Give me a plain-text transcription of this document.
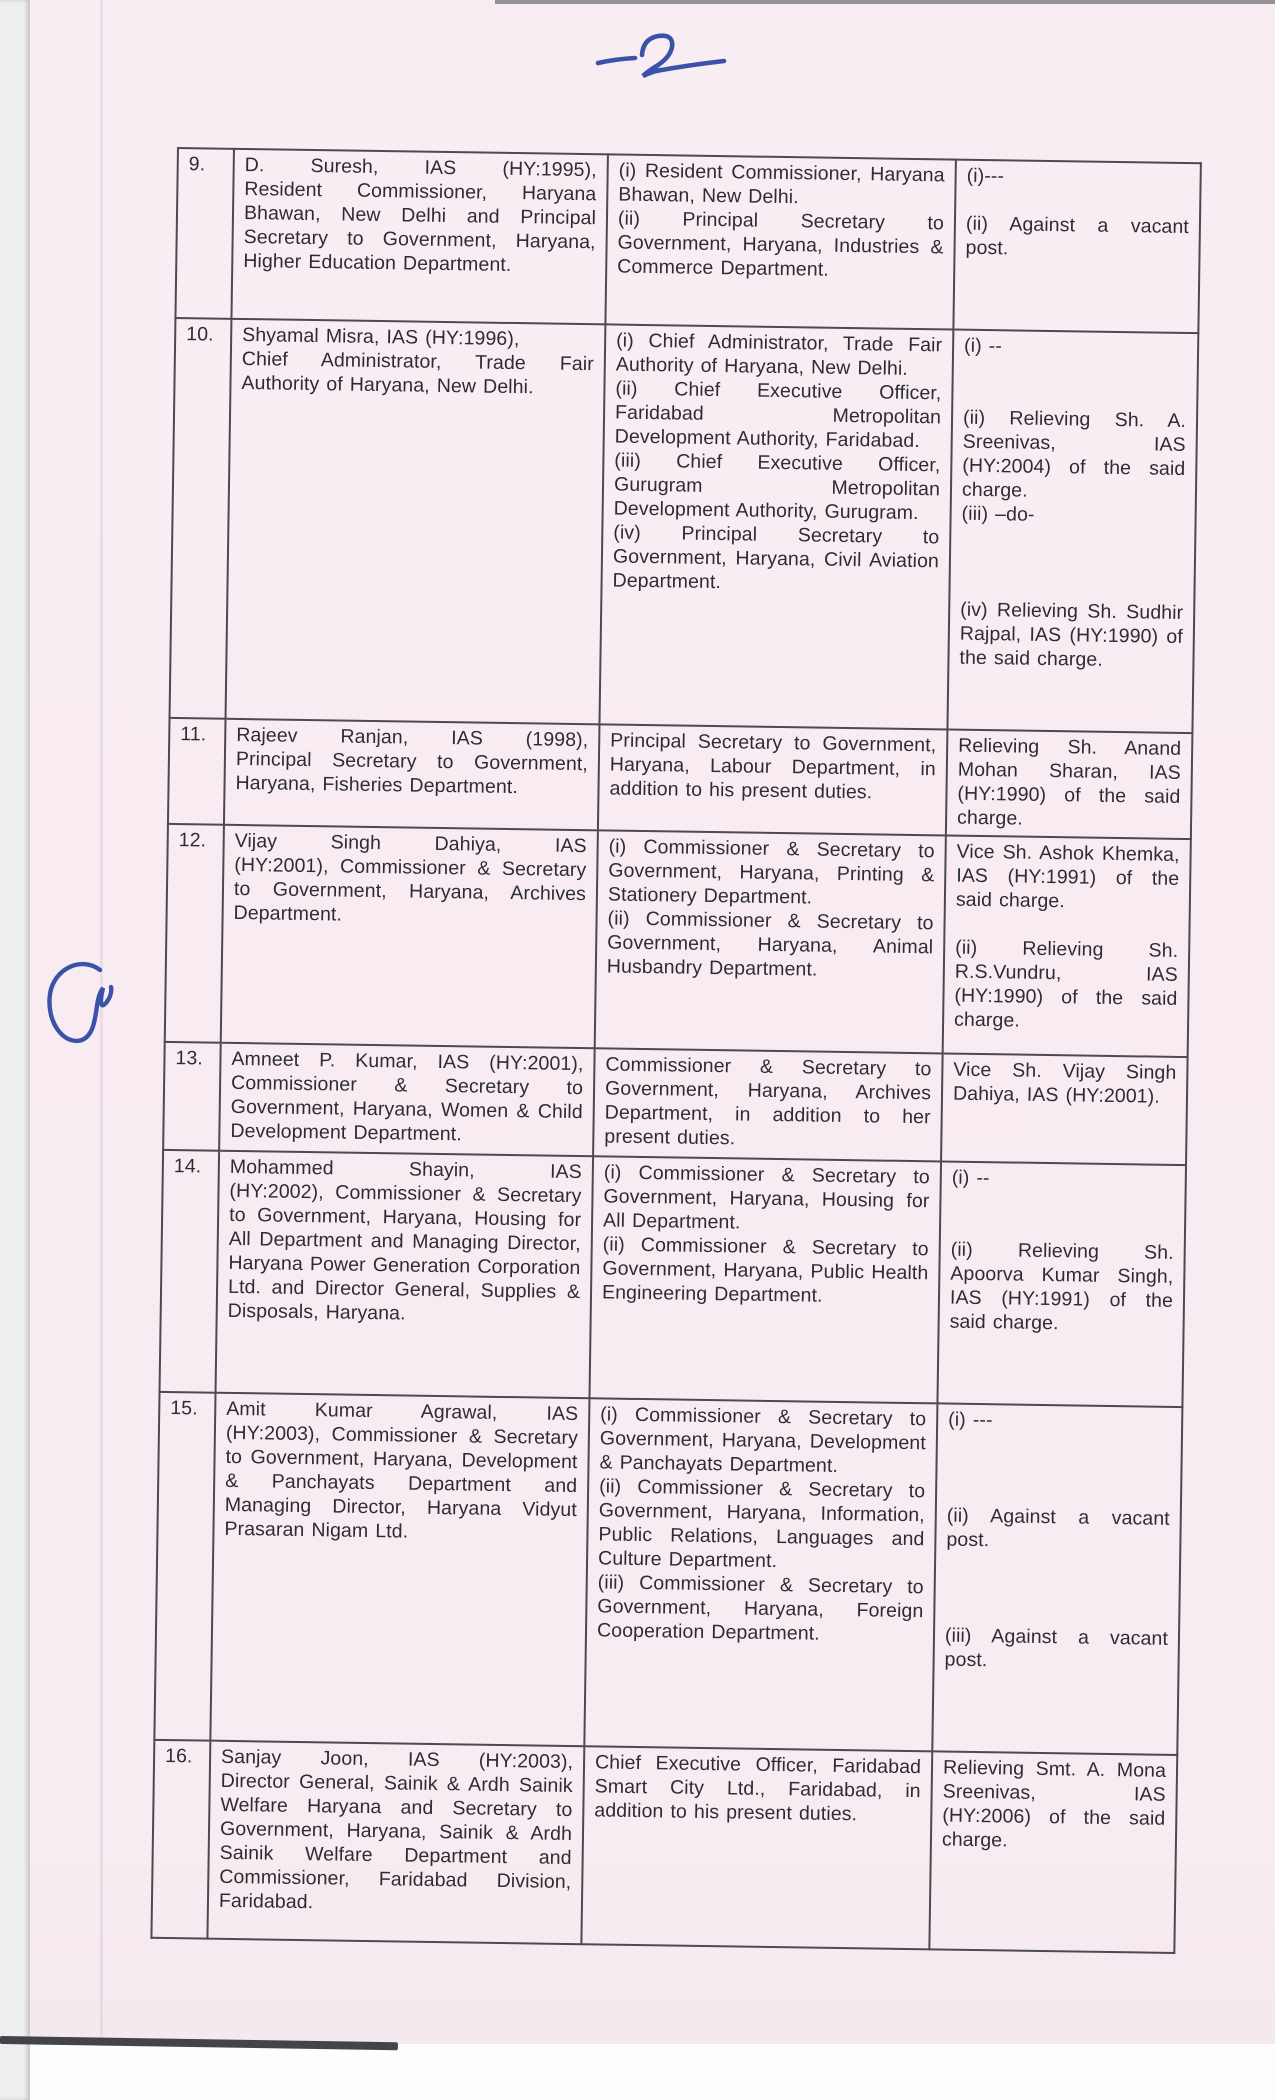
9.	D. Suresh, IAS (HY:1995),
Resident Commissioner, Haryana Bhawan, New Delhi and Principal Secretary to Government, Haryana, Higher Education Department.	(i) Resident Commissioner, Haryana Bhawan, New Delhi.
(ii) Principal Secretary to Government, Haryana, Industries & Commerce Department.	(i)---

(ii) Against a vacant post.
10.	Shyamal Misra, IAS (HY:1996),
Chief Administrator, Trade Fair Authority of Haryana, New Delhi.
	(i) Chief Administrator, Trade Fair Authority of Haryana, New Delhi.
(ii) Chief Executive Officer, Faridabad Metropolitan Development Authority, Faridabad.
(iii) Chief Executive Officer, Gurugram Metropolitan Development Authority, Gurugram.
(iv) Principal Secretary to Government, Haryana, Civil Aviation Department.	(i) --

(ii) Relieving Sh. A. Sreenivas, IAS (HY:2004) of the said charge.
(iii) –do-

(iv) Relieving Sh. Sudhir Rajpal, IAS (HY:1990) of the said charge.
11.	Rajeev Ranjan, IAS (1998),
Principal Secretary to Government, Haryana, Fisheries Department.	Principal Secretary to Government, Haryana, Labour Department, in addition to his present duties.	Relieving Sh. Anand Mohan Sharan, IAS (HY:1990) of the said charge.
12.	Vijay Singh Dahiya, IAS
(HY:2001), Commissioner & Secretary to Government, Haryana, Archives Department.	(i) Commissioner & Secretary to Government, Haryana, Printing & Stationery Department.
(ii) Commissioner & Secretary to Government, Haryana, Animal Husbandry Department.	Vice Sh. Ashok Khemka, IAS (HY:1991) of the said charge.

(ii) Relieving Sh. R.S.Vundru, IAS (HY:1990) of the said charge.
13.	Amneet P. Kumar, IAS (HY:2001),
Commissioner & Secretary to Government, Haryana, Women & Child Development Department.	Commissioner & Secretary to Government, Haryana, Archives Department, in addition to her present duties.	Vice Sh. Vijay Singh Dahiya, IAS (HY:2001).
14.	Mohammed Shayin, IAS
(HY:2002), Commissioner & Secretary to Government, Haryana, Housing for All Department and Managing Director, Haryana Power Generation Corporation Ltd. and Director General, Supplies & Disposals, Haryana.	(i) Commissioner & Secretary to Government, Haryana, Housing for All Department.
(ii) Commissioner & Secretary to Government, Haryana, Public Health Engineering Department.	(i) --

(ii) Relieving Sh. Apoorva Kumar Singh, IAS (HY:1991) of the said charge.
15.	Amit Kumar Agrawal, IAS
(HY:2003), Commissioner & Secretary to Government, Haryana, Development & Panchayats Department and Managing Director, Haryana Vidyut Prasaran Nigam Ltd.
	(i) Commissioner & Secretary to Government, Haryana, Development & Panchayats Department.
(ii) Commissioner & Secretary to Government, Haryana, Information, Public Relations, Languages and Culture Department.
(iii) Commissioner & Secretary to Government, Haryana, Foreign Cooperation Department.	(i) ---

(ii) Against a vacant post.

(iii) Against a vacant post.
16.	Sanjay Joon, IAS (HY:2003),
Director General, Sainik & Ardh Sainik Welfare Haryana and Secretary to Government, Haryana, Sainik & Ardh Sainik Welfare Department and Commissioner, Faridabad Division, Faridabad.	Chief Executive Officer, Faridabad Smart City Ltd., Faridabad, in addition to his present duties.	Relieving Smt. A. Mona Sreenivas, IAS (HY:2006) of the said charge.
